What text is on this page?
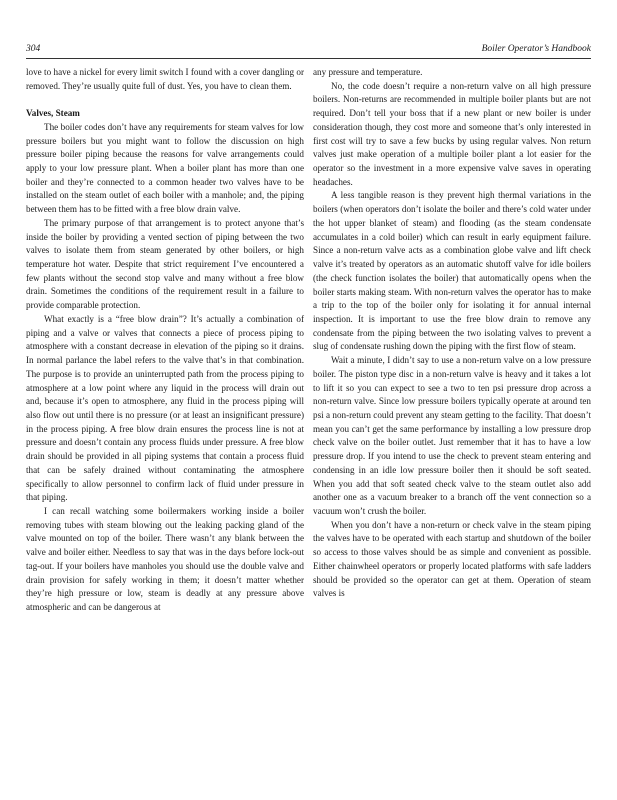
304	Boiler Operator’s Handbook

love to have a nickel for every limit switch I found with a cover dangling or removed. They’re usually quite full of dust. Yes, you have to clean them.

Valves, Steam

The boiler codes don’t have any requirements for steam valves for low pressure boilers but you might want to follow the discussion on high pressure boiler piping because the reasons for valve arrangements could apply to your low pressure plant. When a boiler plant has more than one boiler and they’re connected to a common header two valves have to be installed on the steam outlet of each boiler with a manhole; and, the piping between them has to be fitted with a free blow drain valve.

The primary purpose of that arrangement is to protect anyone that’s inside the boiler by providing a vented section of piping between the two valves to isolate them from steam generated by other boilers, or high temperature hot water. Despite that strict requirement I’ve encountered a few plants without the second stop valve and many without a free blow drain. Sometimes the conditions of the requirement result in a failure to provide comparable protection.

What exactly is a “free blow drain”? It’s actually a combination of piping and a valve or valves that connects a piece of process piping to atmosphere with a constant decrease in elevation of the piping so it drains. In normal parlance the label refers to the valve that’s in that combination. The purpose is to provide an uninterrupted path from the process piping to atmosphere at a low point where any liquid in the process will drain out and, because it’s open to atmosphere, any fluid in the process piping will also flow out until there is no pressure (or at least an insignificant pressure) in the process piping. A free blow drain ensures the process line is not at pressure and doesn’t contain any process fluids under pressure. A free blow drain should be provided in all piping systems that contain a process fluid that can be safely drained without contaminating the atmosphere specifically to allow personnel to confirm lack of fluid under pressure in that piping.

I can recall watching some boilermakers working inside a boiler removing tubes with steam blowing out the leaking packing gland of the valve mounted on top of the boiler. There wasn’t any blank between the valve and boiler either. Needless to say that was in the days before lock-out tag-out. If your boilers have manholes you should use the double valve and drain provision for safely working in them; it doesn’t matter whether they’re high pressure or low, steam is deadly at any pressure above atmospheric and can be dangerous at

any pressure and temperature.

No, the code doesn’t require a non-return valve on all high pressure boilers. Non-returns are recommended in multiple boiler plants but are not required. Don’t tell your boss that if a new plant or new boiler is under consideration though, they cost more and someone that’s only interested in first cost will try to save a few bucks by using regular valves. Non return valves just make operation of a multiple boiler plant a lot easier for the operator so the investment in a more expensive valve saves in operating headaches.

A less tangible reason is they prevent high thermal variations in the boilers (when operators don’t isolate the boiler and there’s cold water under the hot upper blanket of steam) and flooding (as the steam condensate accumulates in a cold boiler) which can result in early equipment failure. Since a non-return valve acts as a combination globe valve and lift check valve it’s treated by operators as an automatic shutoff valve for idle boilers (the check function isolates the boiler) that automatically opens when the boiler starts making steam. With non-return valves the operator has to make a trip to the top of the boiler only for isolating it for annual internal inspection. It is important to use the free blow drain to remove any condensate from the piping between the two isolating valves to prevent a slug of condensate rushing down the piping with the first flow of steam.

Wait a minute, I didn’t say to use a non-return valve on a low pressure boiler. The piston type disc in a non-return valve is heavy and it takes a lot to lift it so you can expect to see a two to ten psi pressure drop across a non-return valve. Since low pressure boilers typically operate at around ten psi a non-return could prevent any steam getting to the facility. That doesn’t mean you can’t get the same performance by installing a low pressure drop check valve on the boiler outlet. Just remember that it has to have a low pressure drop. If you intend to use the check to prevent steam entering and condensing in an idle low pressure boiler then it should be soft seated. When you add that soft seated check valve to the steam outlet also add another one as a vacuum breaker to a branch off the vent connection so a vacuum won’t crush the boiler.

When you don’t have a non-return or check valve in the steam piping the valves have to be operated with each startup and shutdown of the boiler so access to those valves should be as simple and convenient as possible. Either chainwheel operators or properly located platforms with safe ladders should be provided so the operator can get at them. Operation of steam valves is
